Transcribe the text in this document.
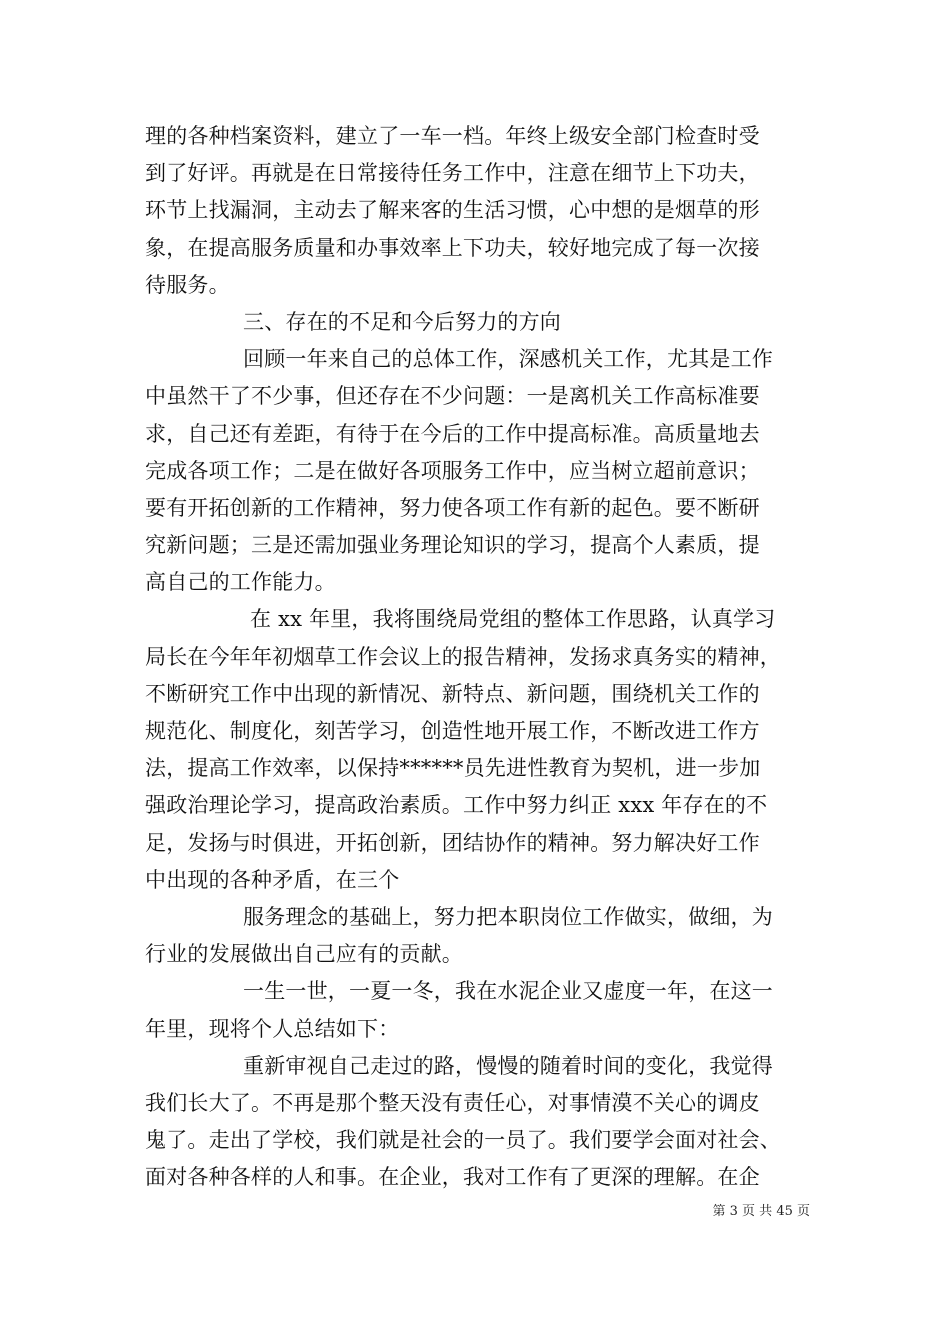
理的各种档案资料，建立了一车一档。年终上级安全部门检查时受
到了好评。再就是在日常接待任务工作中，注意在细节上下功夫，
环节上找漏洞，主动去了解来客的生活习惯，心中想的是烟草的形
象，在提高服务质量和办事效率上下功夫，较好地完成了每一次接
待服务。
三、存在的不足和今后努力的方向
回顾一年来自己的总体工作，深感机关工作，尤其是工作
中虽然干了不少事，但还存在不少问题：一是离机关工作高标准要
求，自己还有差距，有待于在今后的工作中提高标准。高质量地去
完成各项工作；二是在做好各项服务工作中，应当树立超前意识；
要有开拓创新的工作精神，努力使各项工作有新的起色。要不断研
究新问题；三是还需加强业务理论知识的学习，提高个人素质，提
高自己的工作能力。
在 xx 年里，我将围绕局党组的整体工作思路，认真学习
局长在今年年初烟草工作会议上的报告精神，发扬求真务实的精神，
不断研究工作中出现的新情况、新特点、新问题，围绕机关工作的
规范化、制度化，刻苦学习，创造性地开展工作，不断改进工作方
法，提高工作效率，以保持******员先进性教育为契机，进一步加
强政治理论学习，提高政治素质。工作中努力纠正 xxx 年存在的不
足，发扬与时俱进，开拓创新，团结协作的精神。努力解决好工作
中出现的各种矛盾，在三个
服务理念的基础上，努力把本职岗位工作做实，做细，为
行业的发展做出自己应有的贡献。
一生一世，一夏一冬，我在水泥企业又虚度一年，在这一
年里，现将个人总结如下：
重新审视自己走过的路，慢慢的随着时间的变化，我觉得
我们长大了。不再是那个整天没有责任心，对事情漠不关心的调皮
鬼了。走出了学校，我们就是社会的一员了。我们要学会面对社会、
面对各种各样的人和事。在企业，我对工作有了更深的理解。在企
第 3 页 共 45 页
